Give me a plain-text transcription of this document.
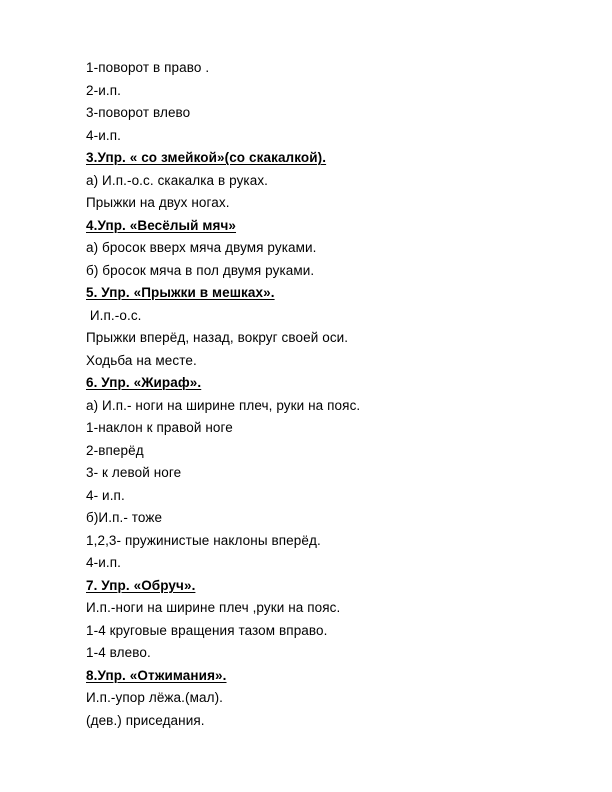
1-поворот в право .
2-и.п.
3-поворот влево
4-и.п.
3.Упр. « со змейкой»(со скакалкой).
а) И.п.-о.с. скакалка в руках.
Прыжки на двух ногах.
4.Упр. «Весёлый мяч»
а) бросок вверх мяча двумя руками.
б) бросок мяча в пол двумя руками.
5. Упр. «Прыжки в мешках».
И.п.-о.с.
Прыжки вперёд, назад, вокруг своей оси.
Ходьба на месте.
6. Упр. «Жираф».
а) И.п.- ноги на ширине плеч, руки на пояс.
1-наклон к правой ноге
2-вперёд
3- к левой ноге
4- и.п.
б)И.п.- тоже
1,2,3- пружинистые наклоны вперёд.
4-и.п.
7. Упр. «Обруч».
И.п.-ноги на ширине плеч ,руки на пояс.
1-4 круговые вращения тазом вправо.
1-4 влево.
8.Упр. «Отжимания».
И.п.-упор лёжа.(мал).
(дев.) приседания.
